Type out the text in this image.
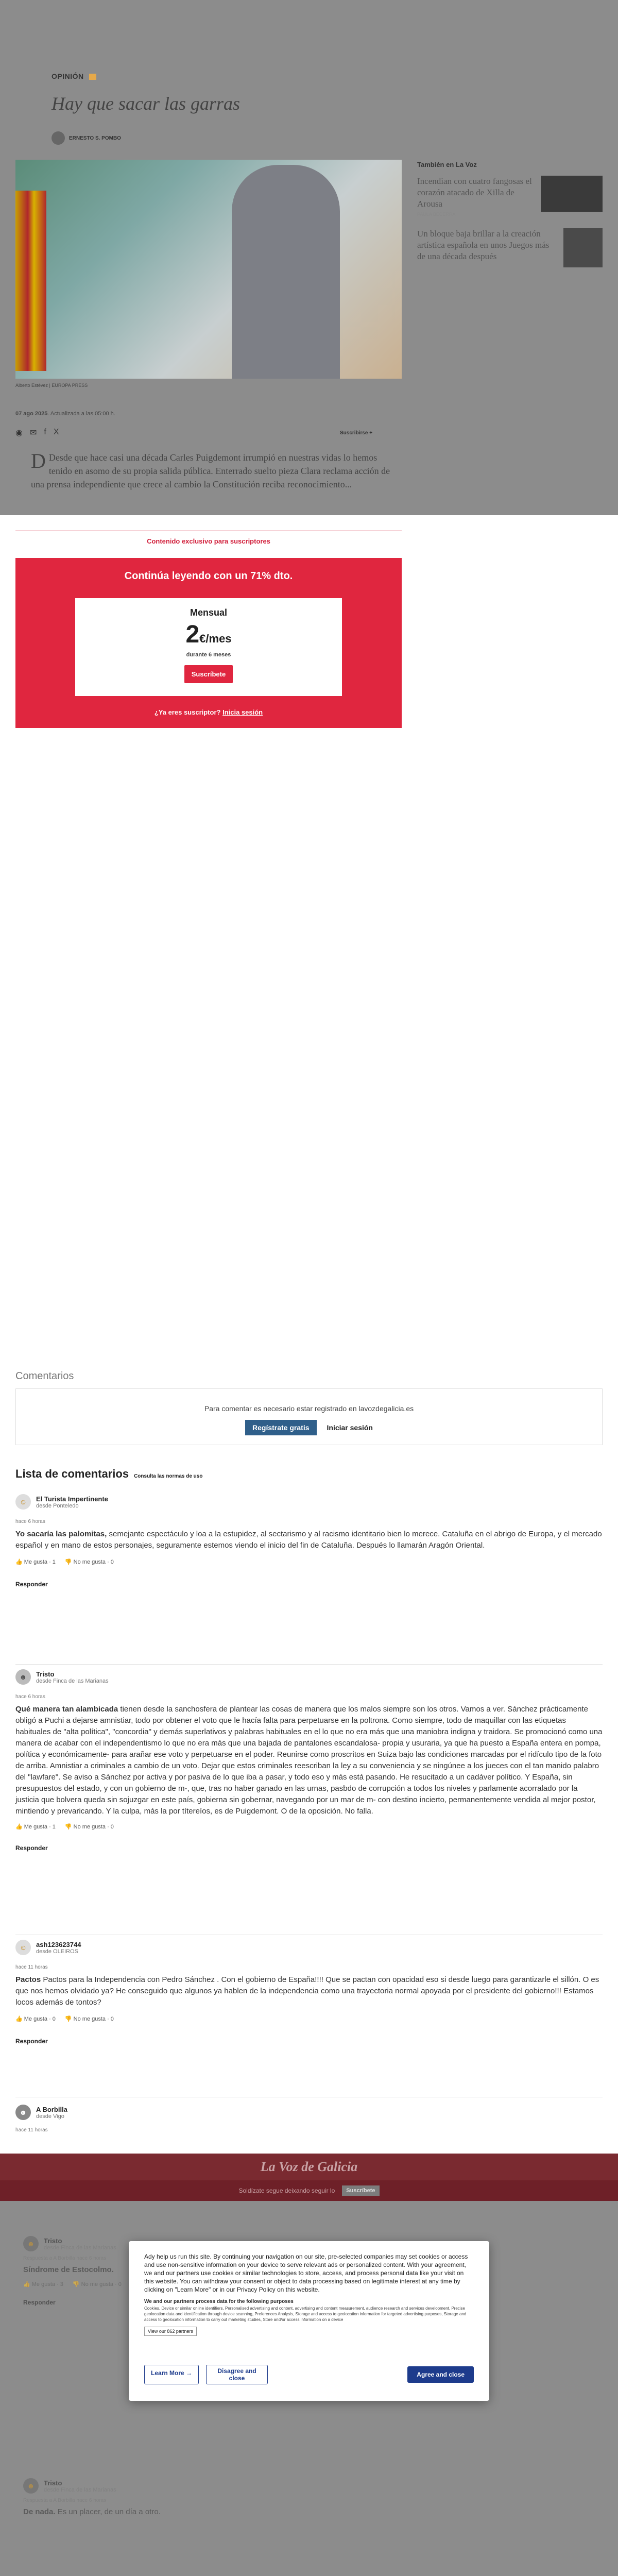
OPINIÓN
Hay que sacar las garras
ERNESTO S. POMBO
Alberto Estévez | EUROPA PRESS
07 ago 2025. Actualizada a las 05:00 h.
◉ ✉ f X	Suscribirse +
D Desde que hace casi una década Carles Puigdemont irrumpió en nuestras vidas lo hemos tenido en asomo de su propia salida pública. Enterrado suelto pieza Clara reclama acción de una prensa independiente que crece al cambio la Constitución reciba reconocimiento...
También en La Voz
Incendian con cuatro fangosas el corazón atacado de Xilla de Arousa
PAULA BECERRA
Un bloque baja brillar a la creación artística española en unos Juegos más de una década después
Contenido exclusivo para suscriptores
Continúa leyendo con un 71% dto.
Mensual
2€/mes
durante 6 meses
Suscríbete
¿Ya eres suscriptor? Inicia sesión
Comentarios
Para comentar es necesario estar registrado en lavozdegalicia.es
Regístrate gratis	Iniciar sesión
Lista de comentarios Consulta las normas de uso
☺	El Turista Impertinente
desde Ponteledo
hace 6 horas
Yo sacaría las palomitas, semejante espectáculo y loa a la estupidez, al sectarismo y al racismo identitario bien lo merece. Cataluña en el abrigo de Europa, y el mercado español y en mano de estos personajes, seguramente estemos viendo el inicio del fin de Cataluña. Después lo llamarán Aragón Oriental.
👍 Me gusta · 1 👎 No me gusta · 0
Responder
☻	Tristo
desde Finca de las Marianas
hace 6 horas
Qué manera tan alambicada tienen desde la sanchosfera de plantear las cosas de manera que los malos siempre son los otros. Vamos a ver. Sánchez prácticamente obligó a Puchi a dejarse amnistiar, todo por obtener el voto que le hacía falta para perpetuarse en la poltrona. Como siempre, todo de maquillar con las etiquetas habituales de "alta política", "concordia" y demás superlativos y palabras habituales en el lo que no era más que una maniobra indigna y traidora. Se promocionó como una manera de acabar con el independentismo lo que no era más que una bajada de pantalones escandalosa- propia y usuraria, ya que ha puesto a España entera en pompa, política y económicamente- para arañar ese voto y perpetuarse en el poder. Reunirse como proscritos en Suiza bajo las condiciones marcadas por el ridículo tipo de la foto de arriba. Amnistiar a criminales a cambio de un voto. Dejar que estos criminales reescriban la ley a su conveniencia y se ningúnee a los jueces con el tan manido palabro del "lawfare". Se aviso a Sánchez por activa y por pasiva de lo que iba a pasar, y todo eso y más está pasando. He resucitado a un cadáver político. Y España, sin presupuestos del estado, y con un gobierno de m-, que, tras no haber ganado en las urnas, pasbdo de corrupción a todos los niveles y parlamente acorralado por la justicia que bolvera queda sin sojuzgar en este país, gobierna sin gobernar, navegando por un mar de m- con destino incierto, permanentemente vendida al mejor postor, mintiendo y prevaricando. Y la culpa, más la por títereíos, es de Puigdemont. O de la oposición. No falla.
👍 Me gusta · 1 👎 No me gusta · 0
Responder
☺	ash123623744
desde OLEIROS
hace 11 horas
Pactos Pactos para la Independencia con Pedro Sánchez . Con el gobierno de España!!!! Que se pactan con opacidad eso si desde luego para garantizarle el sillón. O es que nos hemos olvidado ya? He conseguido que algunos ya hablen de la independencia como una trayectoria normal apoyada por el presidente del gobierno!!! Estamos locos además de tontos?
👍 Me gusta · 0 👎 No me gusta · 0
Responder
☻	A Borbilla
desde Vigo
hace 11 horas
La Voz de Galicia
Soldízate segue deixando seguir lo	Suscríbete
☻	Tristo
desde Finca de las Marianas
Respuesta a A Borbilla hace 6 horas
Síndrome de Estocolmo.
👍 Me gusta · 3 👎 No me gusta · 0
Responder
☻	Tristo
desde Finca de las Marianas
Respuesta a A Borbilla hace 6 horas
De nada. Es un placer, de un día a otro.
Ady help us run this site. By continuing your navigation on our site, pre-selected companies may set cookies or access and use non-sensitive information on your device to serve relevant ads or personalized content. With your agreement, we and our partners use cookies or similar technologies to store, access, and process personal data like your visit on this website. You can withdraw your consent or object to data processing based on legitimate interest at any time by clicking on "Learn More" or in our Privacy Policy on this website.
We and our partners process data for the following purposes
Cookies, Device or similar online identifiers, Personalised advertising and content, advertising and content measurement, audience research and services development, Precise geolocation data and identification through device scanning, Preferences Analysis, Storage and access to geolocation information for targeted advertising purposes, Storage and access to geolocation information to carry out marketing studies, Store and/or access information on a device
View our 862 partners
Learn More →	Disagree and close	Agree and close
